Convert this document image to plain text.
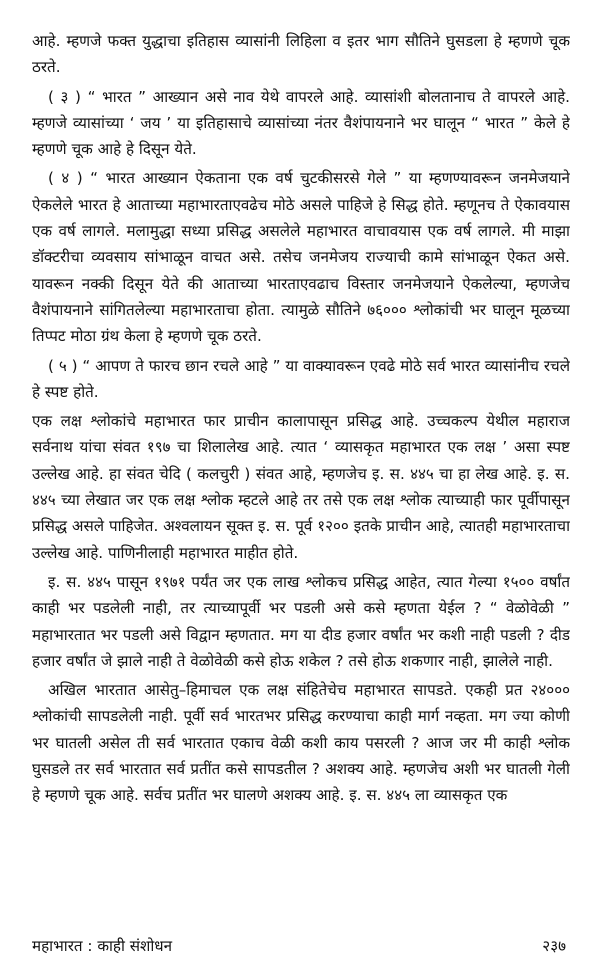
आहे. म्हणजे फक्त युद्धाचा इतिहास व्यासांनी लिहिला व इतर भाग सौतिने घुसडला हे म्हणणे चूक ठरते.

( ३ ) “ भारत ” आख्यान असे नाव येथे वापरले आहे. व्यासांशी बोलतानाच ते वापरले आहे. म्हणजे व्यासांच्या ‘ जय ’ या इतिहासाचे व्यासांच्या नंतर वैशंपायनाने भर घालून “ भारत ” केले हे म्हणणे चूक आहे हे दिसून येते.

( ४ ) “ भारत आख्यान ऐकताना एक वर्ष चुटकीसरसे गेले ” या म्हणण्यावरून जनमेजयाने ऐकलेले भारत हे आताच्या महाभारताएवढेच मोठे असले पाहिजे हे सिद्ध होते. म्हणूनच ते ऐकावयास एक वर्ष लागले. मलामुद्धा सध्या प्रसिद्ध असलेले महाभारत वाचावयास एक वर्ष लागले. मी माझा डॉक्टरीचा व्यवसाय सांभाळून वाचत असे. तसेच जनमेजय राज्याची कामे सांभाळून ऐकत असे. यावरून नक्की दिसून येते की आताच्या भारताएवढाच विस्तार जनमेजयाने ऐकलेल्या, म्हणजेच वैशंपायनाने सांगितलेल्या महाभारताचा होता. त्यामुळे सौतिने ७६००० श्लोकांची भर घालून मूळच्या तिप्पट मोठा ग्रंथ केला हे म्हणणे चूक ठरते.

( ५ ) “ आपण ते फारच छान रचले आहे ” या वाक्यावरून एवढे मोठे सर्व भारत व्यासांनीच रचले हे स्पष्ट होते.

एक लक्ष श्लोकांचे महाभारत फार प्राचीन कालापासून प्रसिद्ध आहे. उच्चकल्प येथील महाराज सर्वनाथ यांचा संवत १९७ चा शिलालेख आहे. त्यात ‘ व्यासकृत महाभारत एक लक्ष ’ असा स्पष्ट उल्लेख आहे. हा संवत चेदि ( कलचुरी ) संवत आहे, म्हणजेच इ. स. ४४५ चा हा लेख आहे. इ. स. ४४५ च्या लेखात जर एक लक्ष श्लोक म्हटले आहे तर तसे एक लक्ष श्लोक त्याच्याही फार पूर्वीपासून प्रसिद्ध असले पाहिजेत. अश्वलायन सूक्त इ. स. पूर्व १२०० इतके प्राचीन आहे, त्यातही महाभारताचा उल्लेख आहे. पाणिनीलाही महाभारत माहीत होते.

इ. स. ४४५ पासून १९७१ पर्यंत जर एक लाख श्लोकच प्रसिद्ध आहेत, त्यात गेल्या १५०० वर्षांत काही भर पडलेली नाही, तर त्याच्यापूर्वी भर पडली असे कसे म्हणता येईल ? “ वेळोवेळी ” महाभारतात भर पडली असे विद्वान म्हणतात. मग या दीड हजार वर्षांत भर कशी नाही पडली ? दीड हजार वर्षांत जे झाले नाही ते वेळोवेळी कसे होऊ शकेल ? तसे होऊ शकणार नाही, झालेले नाही.

अखिल भारतात आसेतु–हिमाचल एक लक्ष संहितेचेच महाभारत सापडते. एकही प्रत २४००० श्लोकांची सापडलेली नाही. पूर्वी सर्व भारतभर प्रसिद्ध करण्याचा काही मार्ग नव्हता. मग ज्या कोणी भर घातली असेल ती सर्व भारतात एकाच वेळी कशी काय पसरली ? आज जर मी काही श्लोक घुसडले तर सर्व भारतात सर्व प्रतींत कसे सापडतील ? अशक्य आहे. म्हणजेच अशी भर घातली गेली हे म्हणणे चूक आहे. सर्वच प्रतींत भर घालणे अशक्य आहे. इ. स. ४४५ ला व्यासकृत एक

महाभारत : काही संशोधन	२३७
